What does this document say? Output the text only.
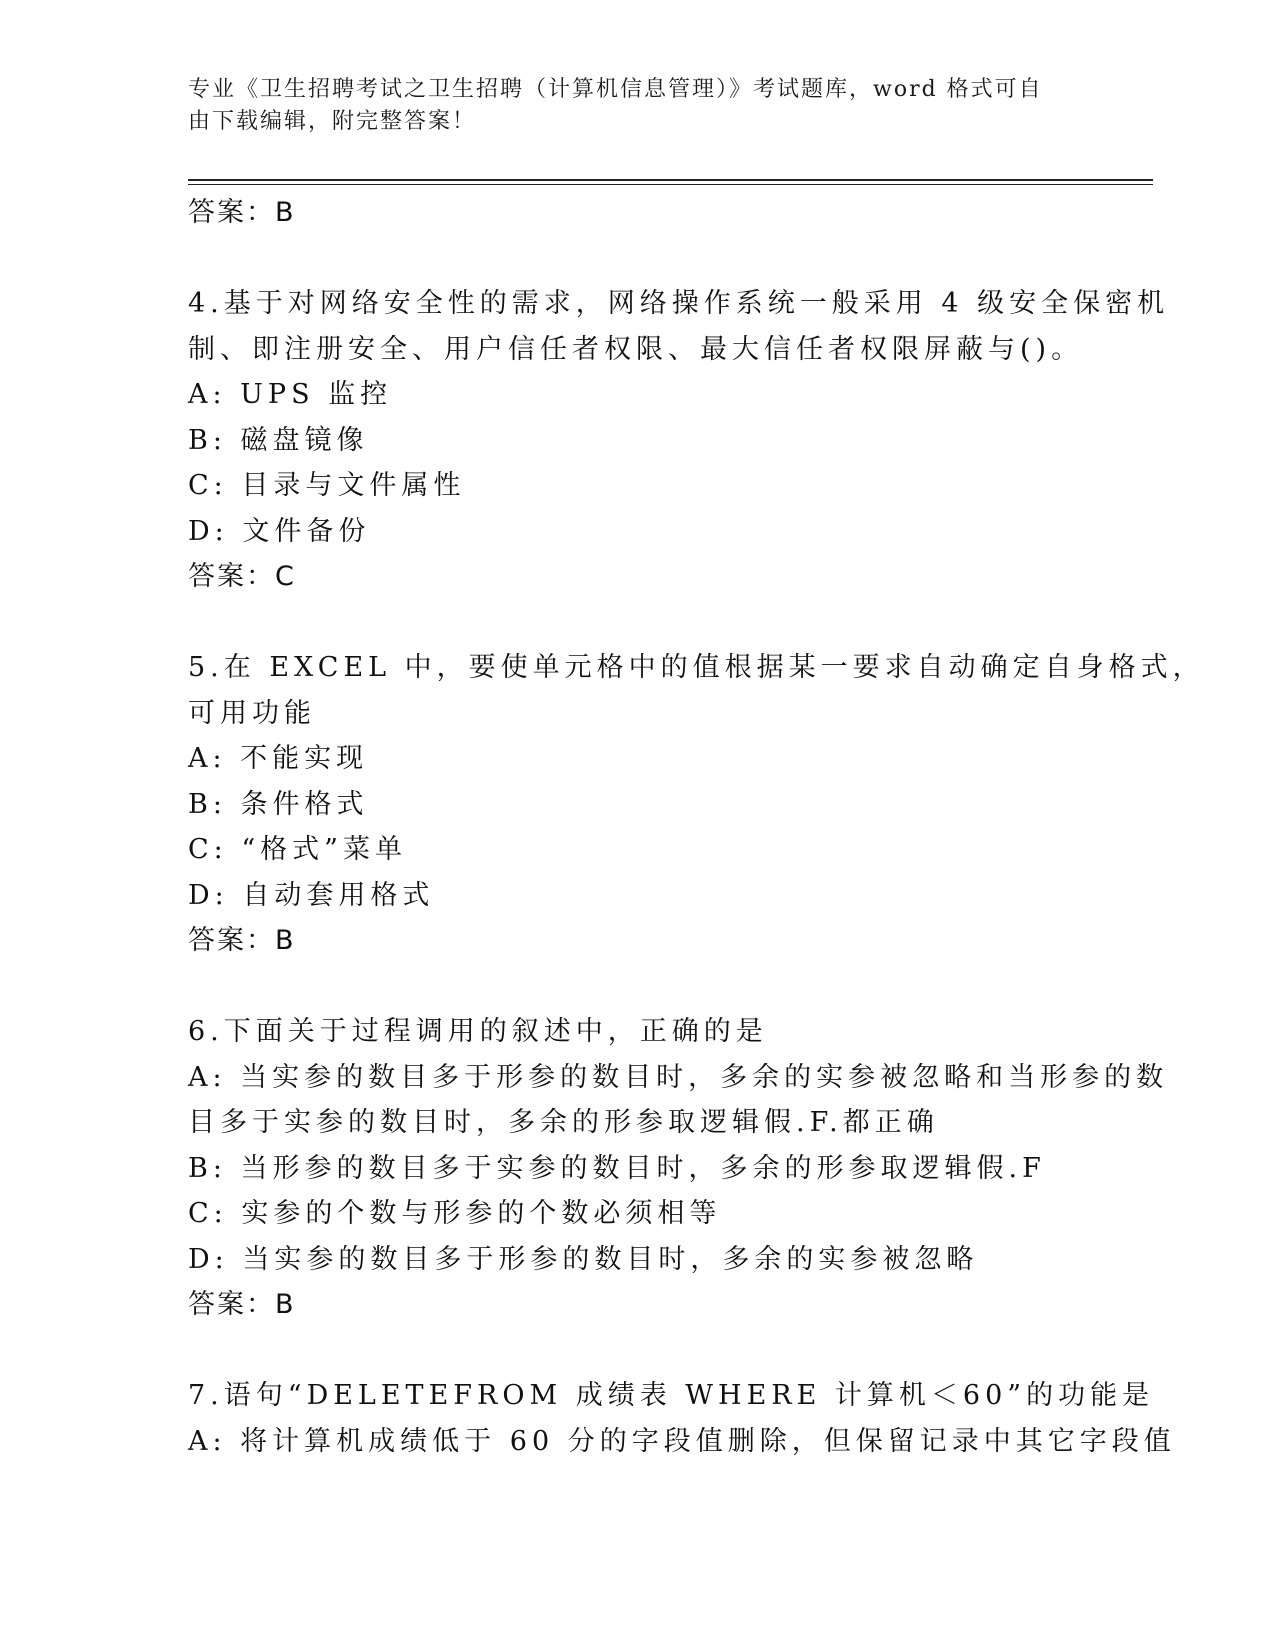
专业《卫生招聘考试之卫生招聘（计算机信息管理）》考试题库，word 格式可自
由下载编辑，附完整答案！
答案：B
4.基于对网络安全性的需求，网络操作系统一般采用 4 级安全保密机
制、即注册安全、用户信任者权限、最大信任者权限屏蔽与()。
A: UPS 监控
B: 磁盘镜像
C: 目录与文件属性
D: 文件备份
答案：C
5.在 EXCEL 中，要使单元格中的值根据某一要求自动确定自身格式，
可用功能
A: 不能实现
B: 条件格式
C: “格式”菜单
D: 自动套用格式
答案：B
6.下面关于过程调用的叙述中，正确的是
A: 当实参的数目多于形参的数目时，多余的实参被忽略和当形参的数
目多于实参的数目时，多余的形参取逻辑假.F.都正确
B: 当形参的数目多于实参的数目时，多余的形参取逻辑假.F
C: 实参的个数与形参的个数必须相等
D: 当实参的数目多于形参的数目时，多余的实参被忽略
答案：B
7.语句“DELETEFROM 成绩表 WHERE 计算机＜60”的功能是
A: 将计算机成绩低于 60 分的字段值删除，但保留记录中其它字段值
